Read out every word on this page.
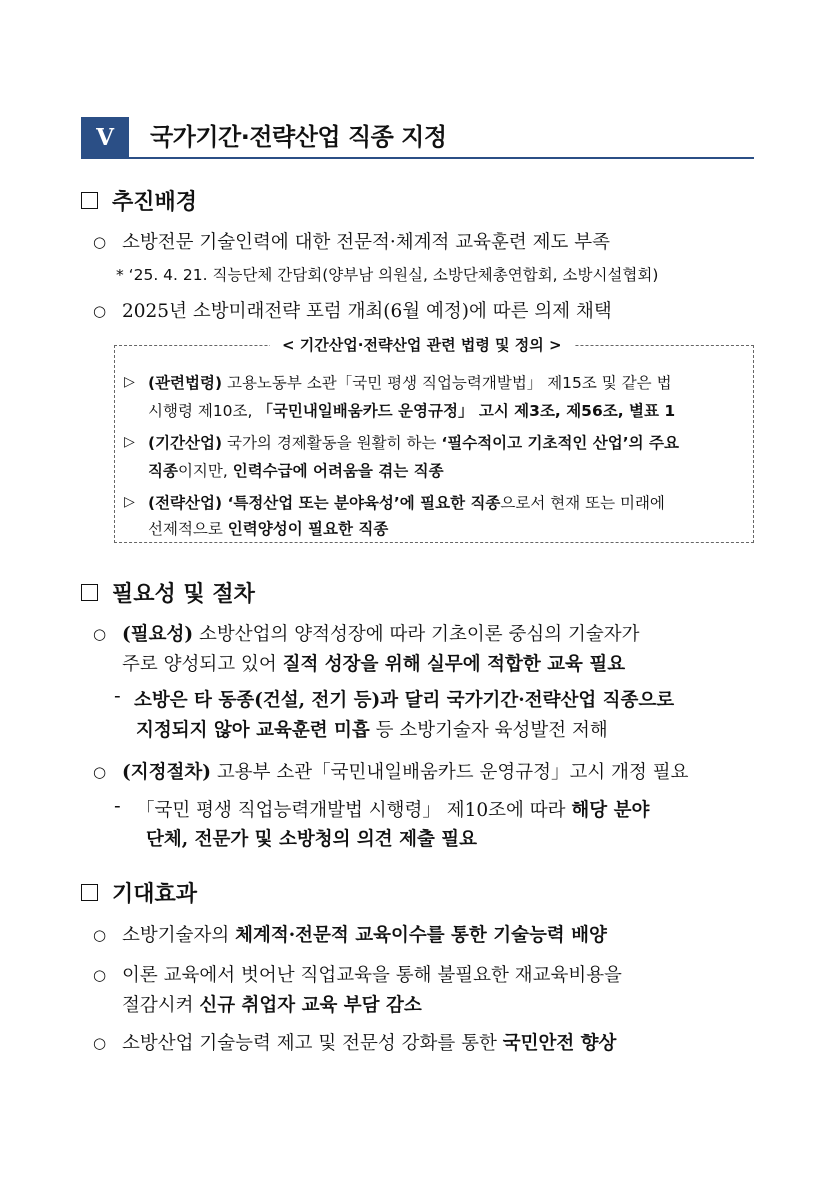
V 국가기간·전략산업 직종 지정
추진배경
○ 소방전문 기술인력에 대한 전문적·체계적 교육훈련 제도 부족
* ‘25. 4. 21. 직능단체 간담회(양부남 의원실, 소방단체총연합회, 소방시설협회)
○ 2025년 소방미래전략 포럼 개최(6월 예정)에 따른 의제 채택
< 기간산업·전략산업 관련 법령 및 정의 >
▷ (관련법령) 고용노동부 소관「국민 평생 직업능력개발법」 제15조 및 같은 법
시행령 제10조, 「국민내일배움카드 운영규정」 고시 제3조, 제56조, 별표 1
▷ (기간산업) 국가의 경제활동을 원활히 하는 ‘필수적이고 기초적인 산업’의 주요
직종이지만, 인력수급에 어려움을 겪는 직종
▷ (전략산업) ‘특정산업 또는 분야육성’에 필요한 직종으로서 현재 또는 미래에
선제적으로 인력양성이 필요한 직종
필요성 및 절차
○ (필요성) 소방산업의 양적성장에 따라 기초이론 중심의 기술자가
주로 양성되고 있어 질적 성장을 위해 실무에 적합한 교육 필요
- 소방은 타 동종(건설, 전기 등)과 달리 국가기간·전략산업 직종으로
지정되지 않아 교육훈련 미흡 등 소방기술자 육성발전 저해
○ (지정절차) 고용부 소관「국민내일배움카드 운영규정」고시 개정 필요
- 「국민 평생 직업능력개발법 시행령」 제10조에 따라 해당 분야
단체, 전문가 및 소방청의 의견 제출 필요
기대효과
○ 소방기술자의 체계적·전문적 교육이수를 통한 기술능력 배양
○ 이론 교육에서 벗어난 직업교육을 통해 불필요한 재교육비용을
절감시켜 신규 취업자 교육 부담 감소
○ 소방산업 기술능력 제고 및 전문성 강화를 통한 국민안전 향상
